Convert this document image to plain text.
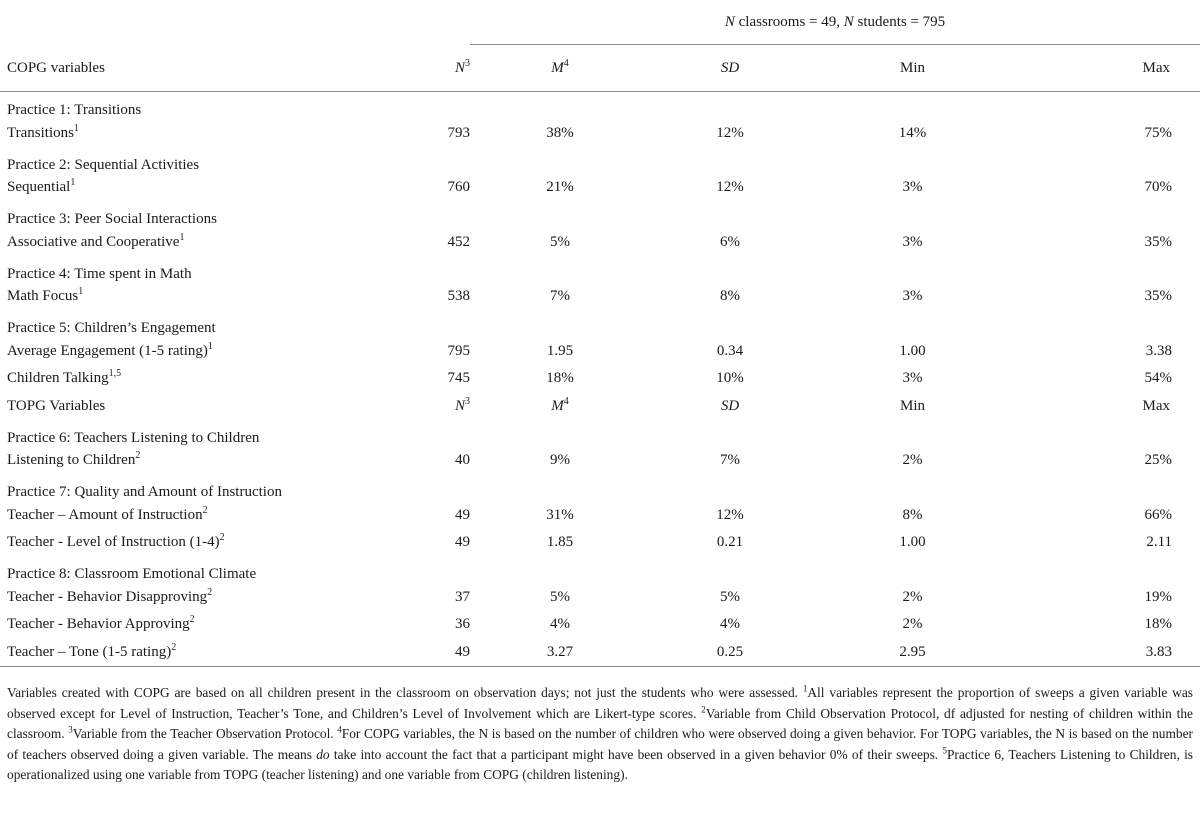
		N classrooms = 49, N students = 795			
COPG variables	$N^3$	$M^4$	SD	Min	Max
Practice 1: Transitions					
Transitions$^1$	793	38%	12%	14%	75%
Practice 2: Sequential Activities					
Sequential$^1$	760	21%	12%	3%	70%
Practice 3: Peer Social Interactions					
Associative and Cooperative$^1$	452	5%	6%	3%	35%
Practice 4: Time spent in Math					
Math Focus$^1$	538	7%	8%	3%	35%
Practice 5: Children’s Engagement					
Average Engagement (1-5 rating)$^1$	795	1.95	0.34	1.00	3.38
Children Talking$^{1,5}$	745	18%	10%	3%	54%
TOPG Variables	$N^3$	$M^4$	SD	Min	Max
Practice 6: Teachers Listening to Children					
Listening to Children$^2$	40	9%	7%	2%	25%
Practice 7: Quality and Amount of Instruction					
Teacher – Amount of Instruction$^2$	49	31%	12%	8%	66%
Teacher - Level of Instruction $(1-4)^2$	49	1.85	0.21	1.00	2.11
Practice 8: Classroom Emotional Climate					
Teacher - Behavior Disapproving$^2$	37	5%	5%	2%	19%
Teacher - Behavior Approving$^2$	36	4%	4%	2%	18%
Teacher – Tone (1-5 rating)$^2$	49	3.27	0.25	2.95	3.83
Variables created with COPG are based on all children present in the classroom on observation days; not just the students who were assessed. $^1$All variables represent the proportion of sweeps a given variable was observed except for Level of Instruction, Teacher’s Tone, and Children’s Level of Involvement which are Likert-type scores. $^2$Variable from Child Observation Protocol, df adjusted for nesting of children within the classroom. $^3$Variable from the Teacher Observation Protocol. $^4$For COPG variables, the N is based on the number of children who were observed doing a given behavior. For TOPG variables, the N is based on the number of teachers observed doing a given variable. The means do take into account the fact that a participant might have been observed in a given behavior 0% of their sweeps. $^5$Practice 6, Teachers Listening to Children, is operationalized using one variable from TOPG (teacher listening) and one variable from COPG (children listening).
